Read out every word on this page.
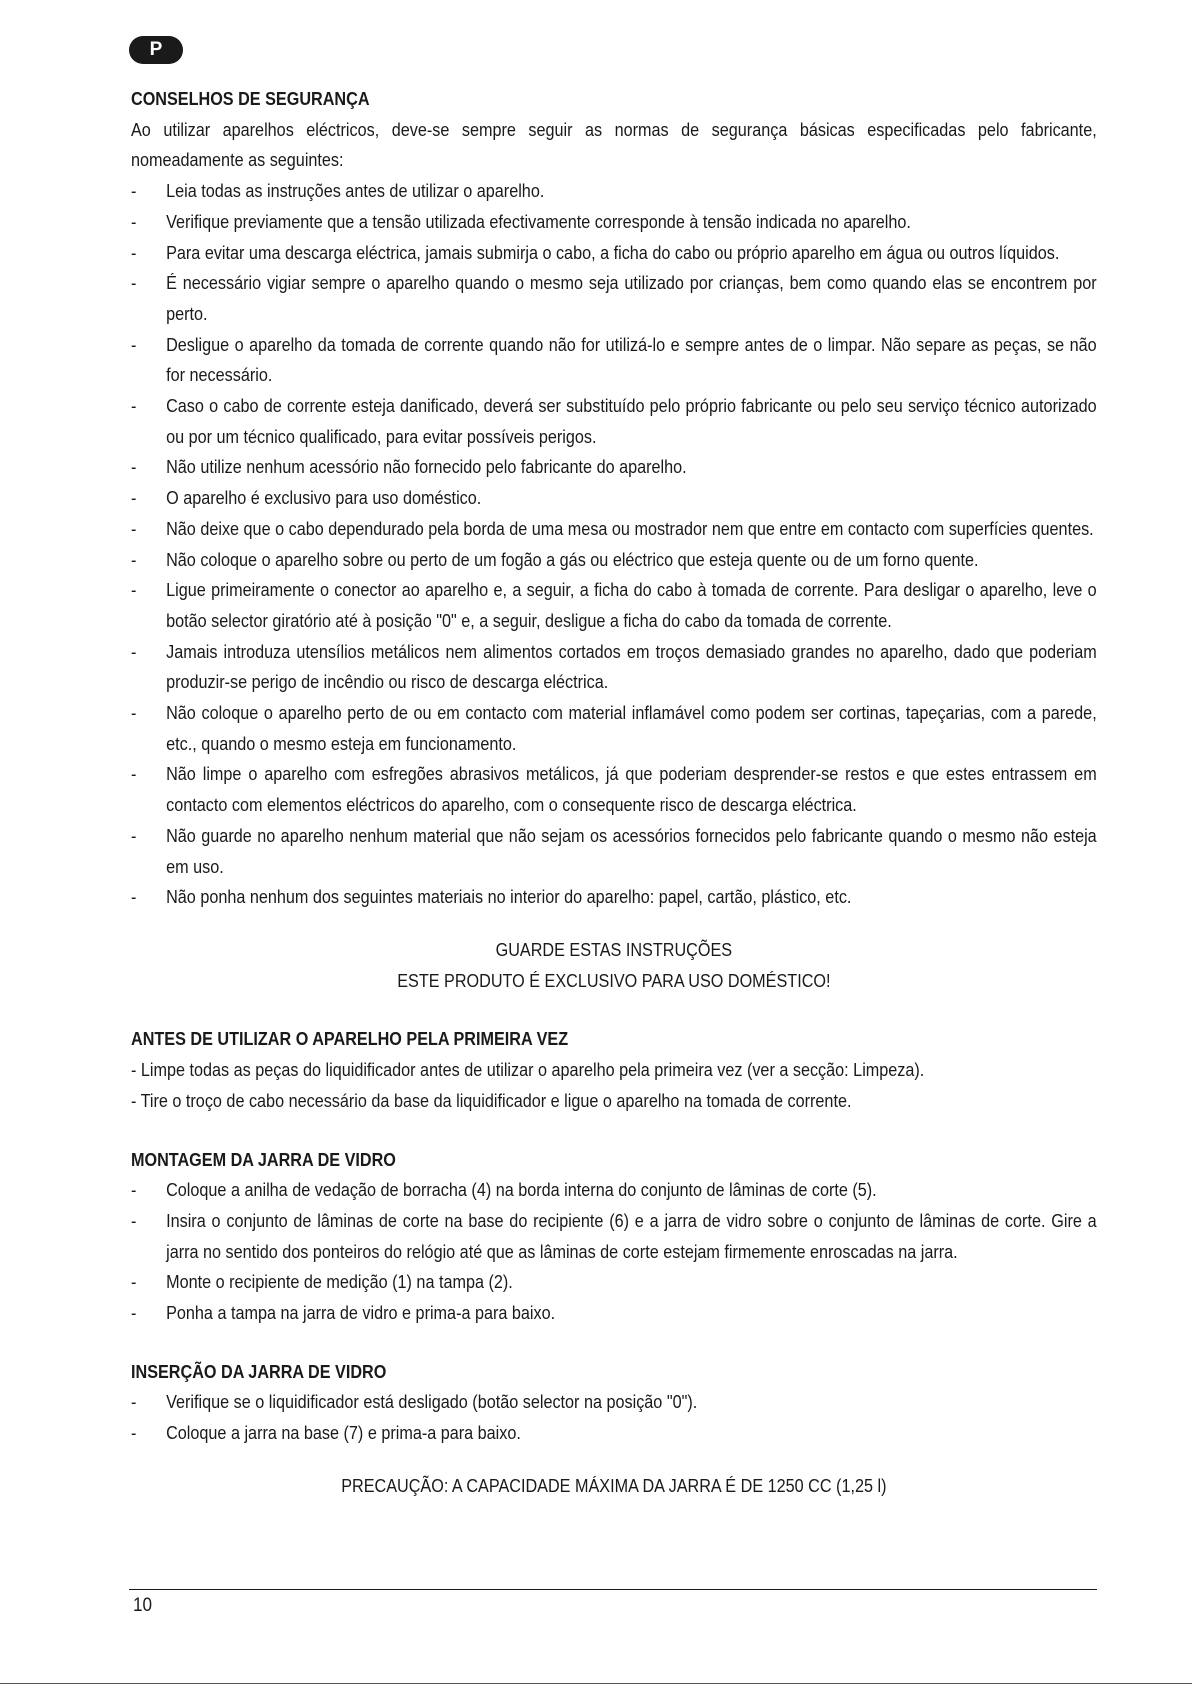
P

CONSELHOS DE SEGURANÇA

Ao utilizar aparelhos eléctricos, deve-se sempre seguir as normas de segurança básicas especificadas pelo fabricante, nomeadamente as seguintes:

- Leia todas as instruções antes de utilizar o aparelho.
- Verifique previamente que a tensão utilizada efectivamente corresponde à tensão indicada no aparelho.
- Para evitar uma descarga eléctrica, jamais submirja o cabo, a ficha do cabo ou próprio aparelho em água ou outros líquidos.
- É necessário vigiar sempre o aparelho quando o mesmo seja utilizado por crianças, bem como quando elas se encontrem por perto.
- Desligue o aparelho da tomada de corrente quando não for utilizá-lo e sempre antes de o limpar. Não separe as peças, se não for necessário.
- Caso o cabo de corrente esteja danificado, deverá ser substituído pelo próprio fabricante ou pelo seu serviço técnico autorizado ou por um técnico qualificado, para evitar possíveis perigos.
- Não utilize nenhum acessório não fornecido pelo fabricante do aparelho.
- O aparelho é exclusivo para uso doméstico.
- Não deixe que o cabo dependurado pela borda de uma mesa ou mostrador nem que entre em contacto com superfícies quentes.
- Não coloque o aparelho sobre ou perto de um fogão a gás ou eléctrico que esteja quente ou de um forno quente.
- Ligue primeiramente o conector ao aparelho e, a seguir, a ficha do cabo à tomada de corrente. Para desligar o aparelho, leve o botão selector giratório até à posição "0" e, a seguir, desligue a ficha do cabo da tomada de corrente.
- Jamais introduza utensílios metálicos nem alimentos cortados em troços demasiado grandes no aparelho, dado que poderiam produzir-se perigo de incêndio ou risco de descarga eléctrica.
- Não coloque o aparelho perto de ou em contacto com material inflamável como podem ser cortinas, tapeçarias, com a parede, etc., quando o mesmo esteja em funcionamento.
- Não limpe o aparelho com esfregões abrasivos metálicos, já que poderiam desprender-se restos e que estes entrassem em contacto com elementos eléctricos do aparelho, com o consequente risco de descarga eléctrica.
- Não guarde no aparelho nenhum material que não sejam os acessórios fornecidos pelo fabricante quando o mesmo não esteja em uso.
- Não ponha nenhum dos seguintes materiais no interior do aparelho: papel, cartão, plástico, etc.
GUARDE ESTAS INSTRUÇÕES
ESTE PRODUTO É EXCLUSIVO PARA USO DOMÉSTICO!

ANTES DE UTILIZAR O APARELHO PELA PRIMEIRA VEZ

- Limpe todas as peças do liquidificador antes de utilizar o aparelho pela primeira vez (ver a secção: Limpeza).
- Tire o troço de cabo necessário da base da liquidificador e ligue o aparelho na tomada de corrente.

MONTAGEM DA JARRA DE VIDRO

- Coloque a anilha de vedação de borracha (4) na borda interna do conjunto de lâminas de corte (5).
- Insira o conjunto de lâminas de corte na base do recipiente (6) e a jarra de vidro sobre o conjunto de lâminas de corte. Gire a jarra no sentido dos ponteiros do relógio até que as lâminas de corte estejam firmemente enroscadas na jarra.
- Monte o recipiente de medição (1) na tampa (2).
- Ponha a tampa na jarra de vidro e prima-a para baixo.

INSERÇÃO DA JARRA DE VIDRO

- Verifique se o liquidificador está desligado (botão selector na posição "0").
- Coloque a jarra na base (7) e prima-a para baixo.
PRECAUÇÃO: A CAPACIDADE MÁXIMA DA JARRA É DE 1250 CC (1,25 l)
10
